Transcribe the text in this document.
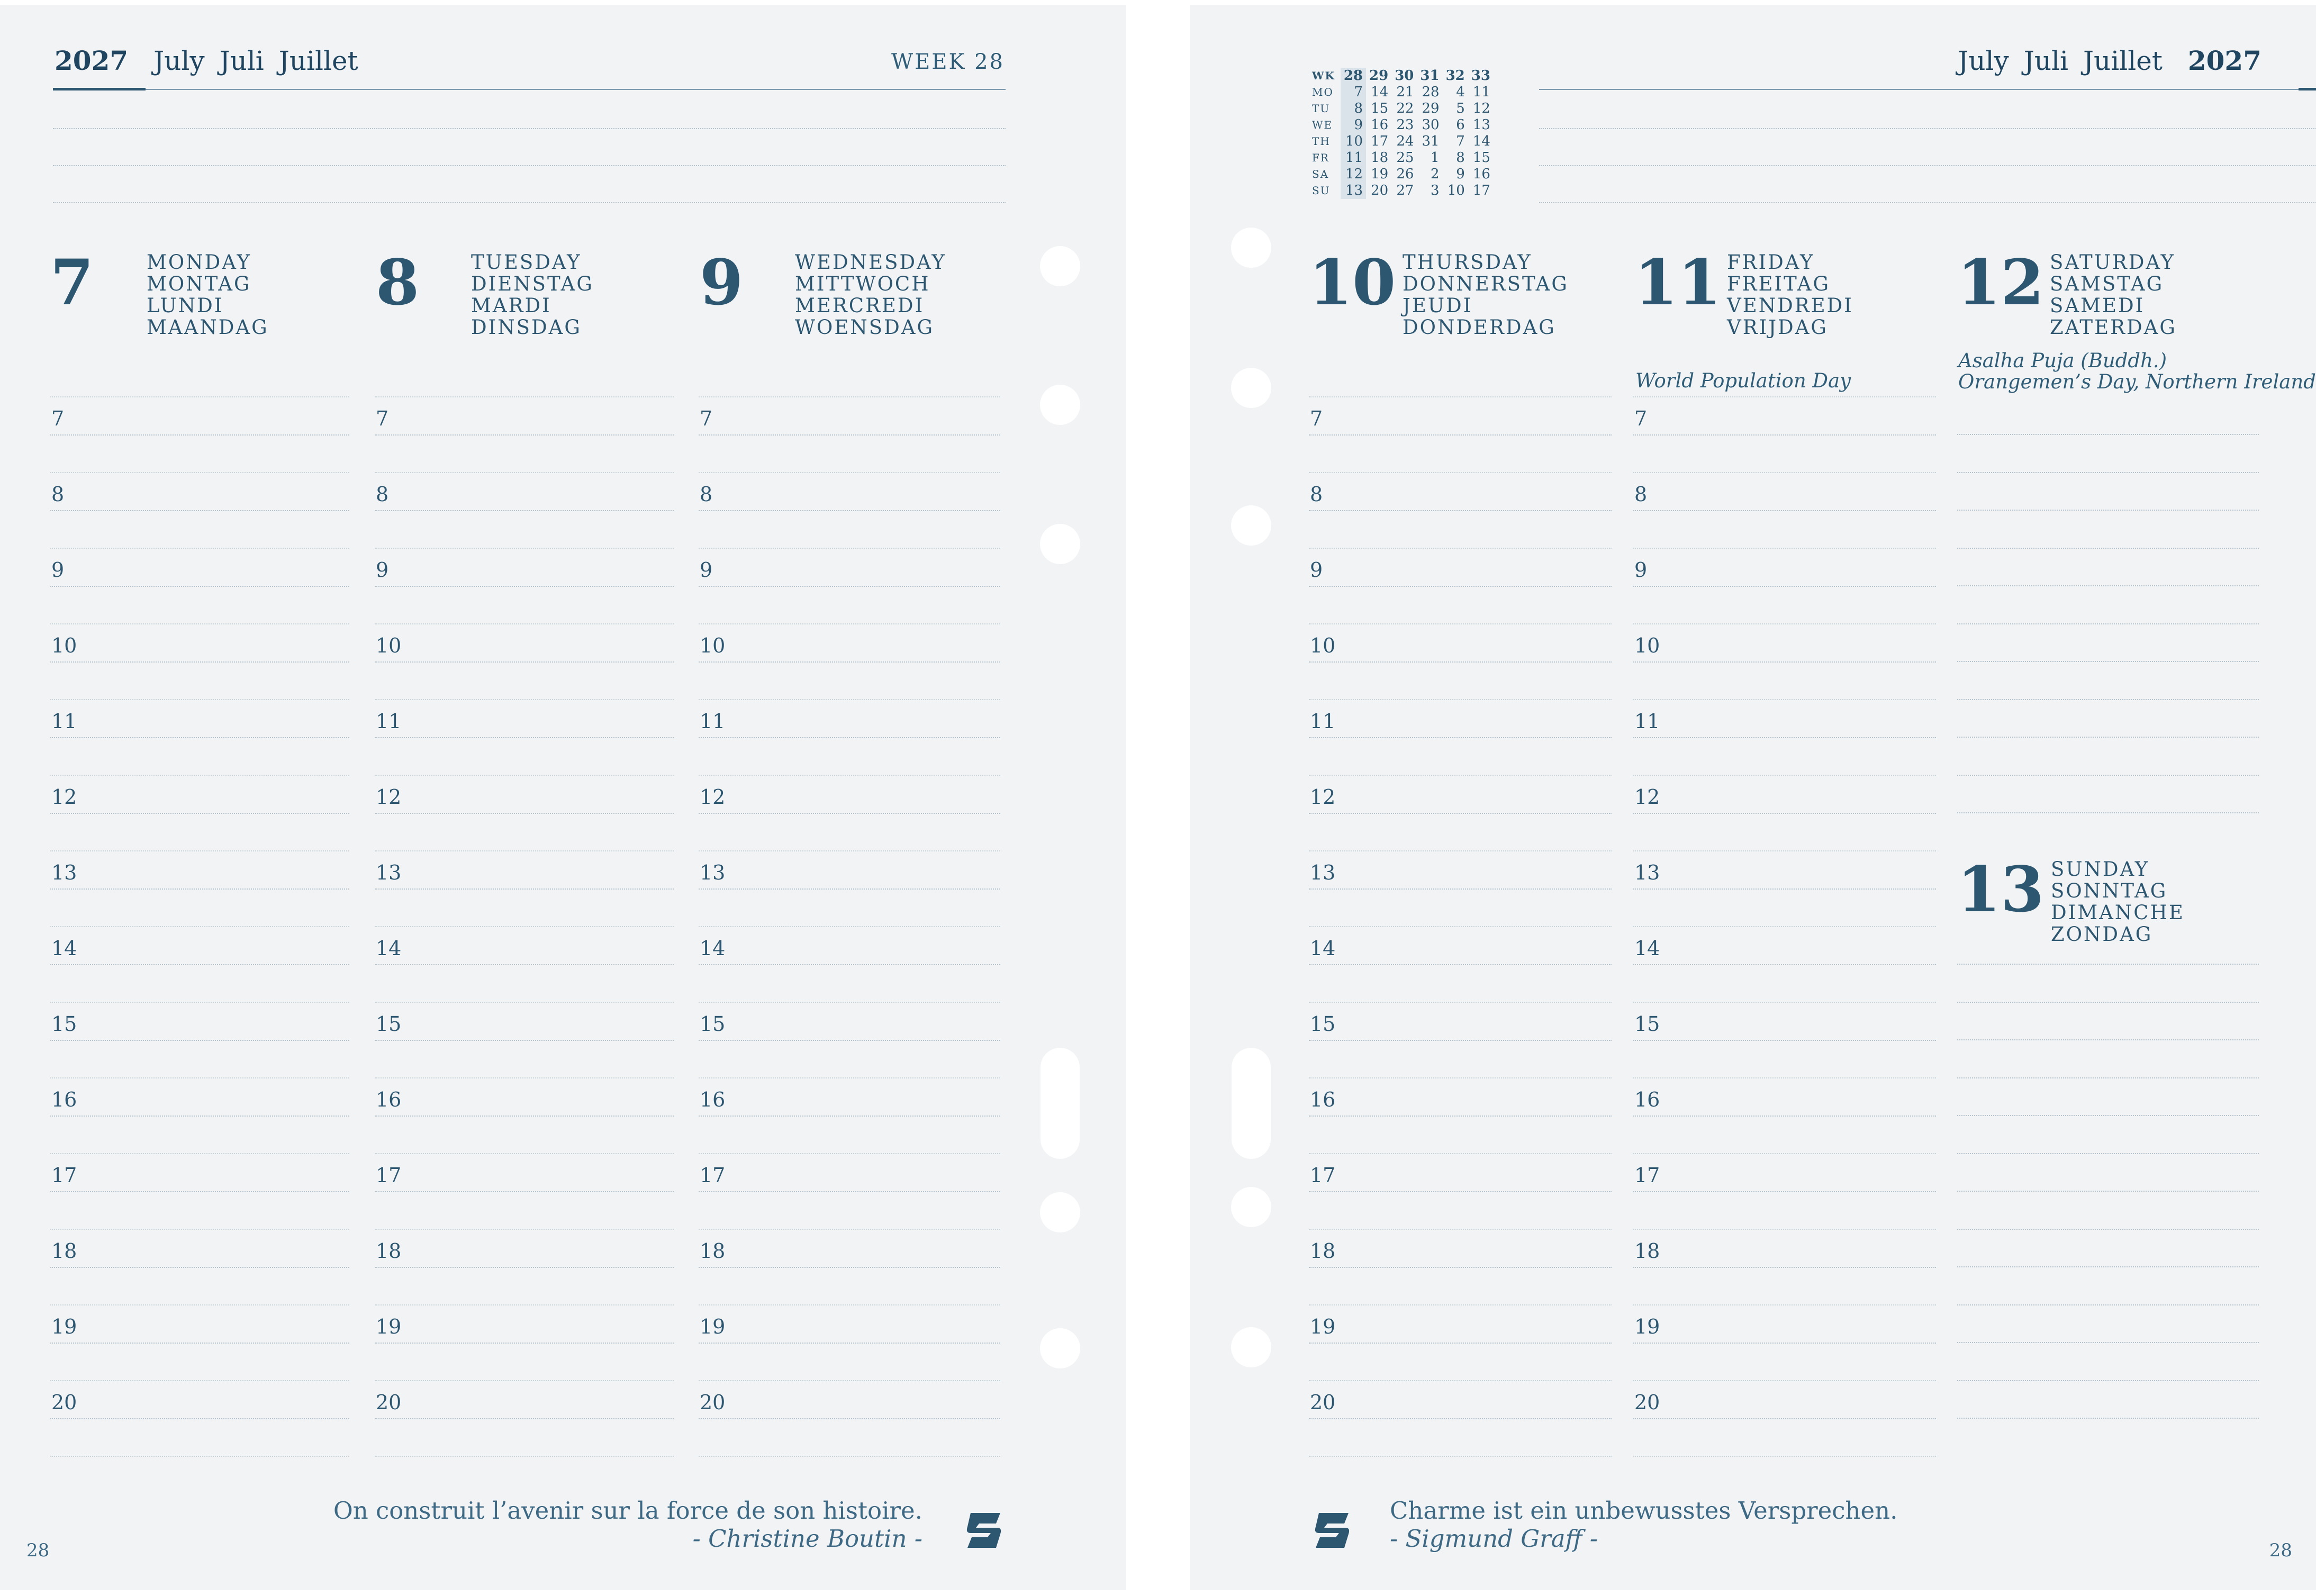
2027 July Juli Juillet	WEEK 28
7	MONDAY
MONTAG
LUNDI
MAANDAG
8	TUESDAY
DIENSTAG
MARDI
DINSDAG
9	WEDNESDAY
MITTWOCH
MERCREDI
WOENSDAG
On construit l’avenir sur la force de son histoire.
- Christine Boutin -
28
7
8
9
10
11
12
13
14
15
16
17
18
19
20
7
8
9
10
11
12
13
14
15
16
17
18
19
20
7
8
9
10
11
12
13
14
15
16
17
18
19
20
July Juli Juillet 2027
10 THURSDAY
DONNERSTAG
JEUDI
DONDERDAG
11 FRIDAY
FREITAG
VENDREDI
VRIJDAG
12 SATURDAY
SAMSTAG
SAMEDI
ZATERDAG
World Population Day
Asalha Puja (Buddh.)
Orangemen’s Day, Northern Ireland
13 SUNDAY
SONNTAG
DIMANCHE
ZONDAG
Charme ist ein unbewusstes Versprechen.
- Sigmund Graff -	28
7
8
9
10
11
12
13
14
15
16
17
18
19
20
7
8
9
10
11
12
13
14
15
16
17
18
19
20
WK	28	29	30	31	32	33
MO	7	14	21	28	4	11
TU	8	15	22	29	5	12
WE	9	16	23	30	6	13
TH	10	17	24	31	7	14
FR	11	18	25	1	8	15
SA	12	19	26	2	9	16
SU	13	20	27	3	10	17
